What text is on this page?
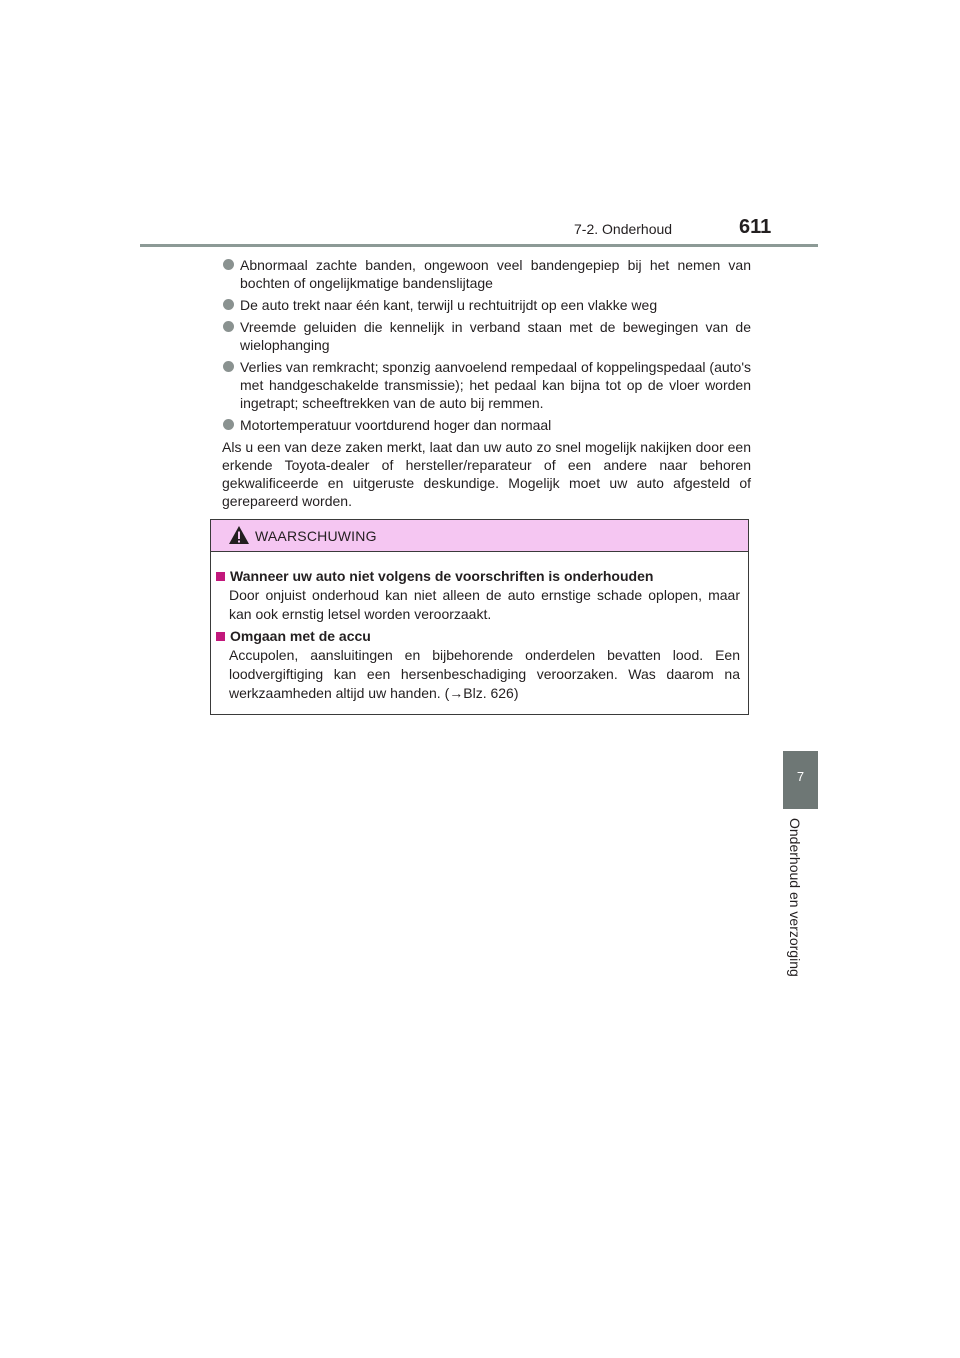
7-2. Onderhoud	611
Abnormaal zachte banden, ongewoon veel bandengepiep bij het nemen van bochten of ongelijkmatige bandenslijtage
De auto trekt naar één kant, terwijl u rechtuitrijdt op een vlakke weg
Vreemde geluiden die kennelijk in verband staan met de bewegingen van de wielophanging
Verlies van remkracht; sponzig aanvoelend rempedaal of koppelingspedaal (auto's met handgeschakelde transmissie); het pedaal kan bijna tot op de vloer worden ingetrapt; scheeftrekken van de auto bij remmen.
Motortemperatuur voortdurend hoger dan normaal
Als u een van deze zaken merkt, laat dan uw auto zo snel mogelijk nakijken door een erkende Toyota-dealer of hersteller/reparateur of een andere naar behoren gekwalificeerde en uitgeruste deskundige. Mogelijk moet uw auto afgesteld of gerepareerd worden.
WAARSCHUWING
Wanneer uw auto niet volgens de voorschriften is onderhouden
Door onjuist onderhoud kan niet alleen de auto ernstige schade oplopen, maar kan ook ernstig letsel worden veroorzaakt.
Omgaan met de accu
Accupolen, aansluitingen en bijbehorende onderdelen bevatten lood. Een loodvergiftiging kan een hersenbeschadiging veroorzaken. Was daarom na werkzaamheden altijd uw handen. (→Blz. 626)
7
Onderhoud en verzorging
